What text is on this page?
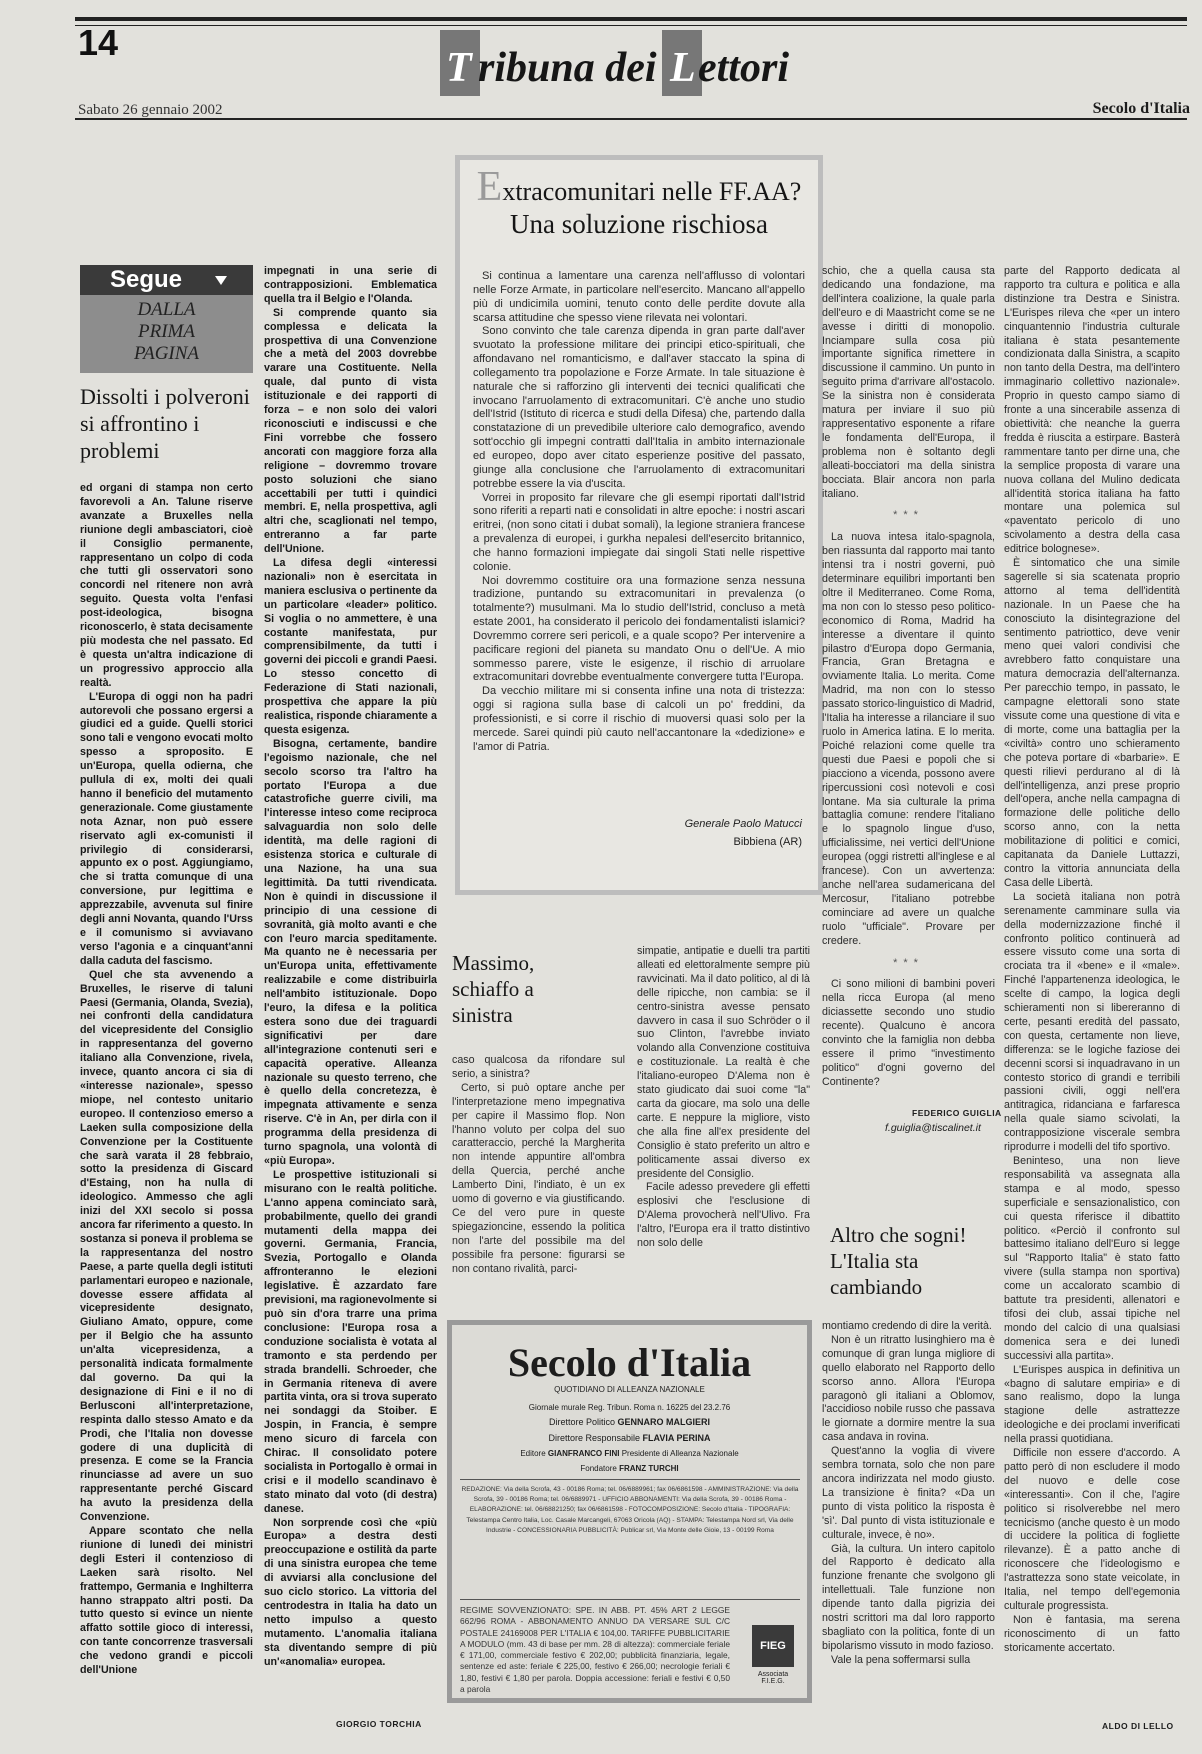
14
T ribuna dei L ettori
Sabato 26 gennaio 2002	Secolo d'Italia
Segue
DALLA
PRIMA
PAGINA
Dissolti i polveroni si affrontino i problemi

ed organi di stampa non certo favorevoli a An. Talune riserve avanzate a Bruxelles nella riunione degli ambasciatori, cioè il Consiglio permanente, rappresentano un colpo di coda che tutti gli osservatori sono concordi nel ritenere non avrà seguito. Questa volta l'enfasi post-ideologica, bisogna riconoscerlo, è stata decisamente più modesta che nel passato. Ed è questa un'altra indicazione di un progressivo approccio alla realtà.

L'Europa di oggi non ha padri autorevoli che possano ergersi a giudici ed a guide. Quelli storici sono tali e vengono evocati molto spesso a sproposito. E un'Europa, quella odierna, che pullula di ex, molti dei quali hanno il beneficio del mutamento generazionale. Come giustamente nota Aznar, non può essere riservato agli ex-comunisti il privilegio di considerarsi, appunto ex o post. Aggiungiamo, che si tratta comunque di una conversione, pur legittima e apprezzabile, avvenuta sul finire degli anni Novanta, quando l'Urss e il comunismo si avviavano verso l'agonia e a cinquant'anni dalla caduta del fascismo.

Quel che sta avvenendo a Bruxelles, le riserve di taluni Paesi (Germania, Olanda, Svezia), nei confronti della candidatura del vicepresidente del Consiglio in rappresentanza del governo italiano alla Convenzione, rivela, invece, quanto ancora ci sia di «interesse nazionale», spesso miope, nel contesto unitario europeo. Il contenzioso emerso a Laeken sulla composizione della Convenzione per la Costituente che sarà varata il 28 febbraio, sotto la presidenza di Giscard d'Estaing, non ha nulla di ideologico. Ammesso che agli inizi del XXI secolo si possa ancora far riferimento a questo. In sostanza si poneva il problema se la rappresentanza del nostro Paese, a parte quella degli istituti parlamentari europeo e nazionale, dovesse essere affidata al vicepresidente designato, Giuliano Amato, oppure, come per il Belgio che ha assunto un'alta vicepresidenza, a personalità indicata formalmente dal governo. Da qui la designazione di Fini e il no di Berlusconi all'interpretazione, respinta dallo stesso Amato e da Prodi, che l'Italia non dovesse godere di una duplicità di presenza. E come se la Francia rinunciasse ad avere un suo rappresentante perché Giscard ha avuto la presidenza della Convenzione.

Appare scontato che nella riunione di lunedì dei ministri degli Esteri il contenzioso di Laeken sarà risolto. Nel frattempo, Germania e Inghilterra hanno strappato altri posti. Da tutto questo si evince un niente affatto sottile gioco di interessi, con tante concorrenze trasversali che vedono grandi e piccoli dell'Unione

impegnati in una serie di contrapposizioni. Emblematica quella tra il Belgio e l'Olanda.

Si comprende quanto sia complessa e delicata la prospettiva di una Convenzione che a metà del 2003 dovrebbe varare una Costituente. Nella quale, dal punto di vista istituzionale e dei rapporti di forza – e non solo dei valori riconosciuti e indiscussi e che Fini vorrebbe che fossero ancorati con maggiore forza alla religione – dovremmo trovare posto soluzioni che siano accettabili per tutti i quindici membri. E, nella prospettiva, agli altri che, scaglionati nel tempo, entreranno a far parte dell'Unione.

La difesa degli «interessi nazionali» non è esercitata in maniera esclusiva o pertinente da un particolare «leader» politico. Si voglia o no ammettere, è una costante manifestata, pur comprensibilmente, da tutti i governi dei piccoli e grandi Paesi. Lo stesso concetto di Federazione di Stati nazionali, prospettiva che appare la più realistica, risponde chiaramente a questa esigenza.

Bisogna, certamente, bandire l'egoismo nazionale, che nel secolo scorso tra l'altro ha portato l'Europa a due catastrofiche guerre civili, ma l'interesse inteso come reciproca salvaguardia non solo delle identità, ma delle ragioni di esistenza storica e culturale di una Nazione, ha una sua legittimità. Da tutti rivendicata. Non è quindi in discussione il principio di una cessione di sovranità, già molto avanti e che con l'euro marcia speditamente. Ma quanto ne è necessaria per un'Europa unita, effettivamente realizzabile e come distribuirla nell'ambito istituzionale. Dopo l'euro, la difesa e la politica estera sono due dei traguardi significativi per dare all'integrazione contenuti seri e capacità operative. Alleanza nazionale su questo terreno, che è quello della concretezza, è impegnata attivamente e senza riserve. C'è in An, per dirla con il programma della presidenza di turno spagnola, una volontà di «più Europa».

Le prospettive istituzionali si misurano con le realtà politiche. L'anno appena cominciato sarà, probabilmente, quello dei grandi mutamenti della mappa dei governi. Germania, Francia, Svezia, Portogallo e Olanda affronteranno le elezioni legislative. È azzardato fare previsioni, ma ragionevolmente si può sin d'ora trarre una prima conclusione: l'Europa rosa a conduzione socialista è votata al tramonto e sta perdendo per strada brandelli. Schroeder, che in Germania riteneva di avere partita vinta, ora si trova superato nei sondaggi da Stoiber. E Jospin, in Francia, è sempre meno sicuro di farcela con Chirac. Il consolidato potere socialista in Portogallo è ormai in crisi e il modello scandinavo è stato minato dal voto (di destra) danese.

Non sorprende così che «più Europa» a destra desti preoccupazione e ostilità da parte di una sinistra europea che teme di avviarsi alla conclusione del suo ciclo storico. La vittoria del centrodestra in Italia ha dato un netto impulso a questo mutamento. L'anomalia italiana sta diventando sempre di più un'«anomalia» europea.

GIORGIO TORCHIA
Extracomunitari nelle FF.AA?
Una soluzione rischiosa

Si continua a lamentare una carenza nell'afflusso di volontari nelle Forze Armate, in particolare nell'esercito. Mancano all'appello più di undicimila uomini, tenuto conto delle perdite dovute alla scarsa attitudine che spesso viene rilevata nei volontari.

Sono convinto che tale carenza dipenda in gran parte dall'aver svuotato la professione militare dei principi etico-spirituali, che affondavano nel romanticismo, e dall'aver staccato la spina di collegamento tra popolazione e Forze Armate. In tale situazione è naturale che si rafforzino gli interventi dei tecnici qualificati che invocano l'arruolamento di extracomunitari. C'è anche uno studio dell'Istrid (Istituto di ricerca e studi della Difesa) che, partendo dalla constatazione di un prevedibile ulteriore calo demografico, avendo sott'occhio gli impegni contratti dall'Italia in ambito internazionale ed europeo, dopo aver citato esperienze positive del passato, giunge alla conclusione che l'arruolamento di extracomunitari potrebbe essere la via d'uscita.

Vorrei in proposito far rilevare che gli esempi riportati dall'Istrid sono riferiti a reparti nati e consolidati in altre epoche: i nostri ascari eritrei, (non sono citati i dubat somali), la legione straniera francese a prevalenza di europei, i gurkha nepalesi dell'esercito britannico, che hanno formazioni impiegate dai singoli Stati nelle rispettive colonie.

Noi dovremmo costituire ora una formazione senza nessuna tradizione, puntando su extracomunitari in prevalenza (o totalmente?) musulmani. Ma lo studio dell'Istrid, concluso a metà estate 2001, ha considerato il pericolo dei fondamentalisti islamici? Dovremmo correre seri pericoli, e a quale scopo? Per intervenire a pacificare regioni del pianeta su mandato Onu o dell'Ue. A mio sommesso parere, viste le esigenze, il rischio di arruolare extracomunitari dovrebbe eventualmente convergere tutta l'Europa.

Da vecchio militare mi si consenta infine una nota di tristezza: oggi si ragiona sulla base di calcoli un po' freddini, da professionisti, e si corre il rischio di muoversi quasi solo per la mercede. Sarei quindi più cauto nell'accantonare la «dedizione» e l'amor di Patria.

Generale Paolo Matucci
Bibbiena (AR)
Massimo, schiaffo a sinistra

caso qualcosa da rifondare sul serio, a sinistra?

Certo, si può optare anche per l'interpretazione meno impegnativa per capire il Massimo flop. Non l'hanno voluto per colpa del suo caratteraccio, perché la Margherita non intende appuntire all'ombra della Quercia, perché anche Lamberto Dini, l'indiato, è un ex uomo di governo e via giustificando. Ce del vero pure in queste spiegazioncine, essendo la politica non l'arte del possibile ma del possibile fra persone: figurarsi se non contano rivalità, parci-

simpatie, antipatie e duelli tra partiti alleati ed elettoralmente sempre più ravvicinati. Ma il dato politico, al di là delle ripicche, non cambia: se il centro-sinistra avesse pensato davvero in casa il suo Schröder o il suo Clinton, l'avrebbe inviato volando alla Convenzione costituiva e costituzionale. La realtà è che l'italiano-europeo D'Alema non è stato giudicato dai suoi come "la" carta da giocare, ma solo una delle carte. E neppure la migliore, visto che alla fine all'ex presidente del Consiglio è stato preferito un altro e politicamente assai diverso ex presidente del Consiglio.

Facile adesso prevedere gli effetti esplosivi che l'esclusione di D'Alema provocherà nell'Ulivo. Fra l'altro, l'Europa era il tratto distintivo non solo delle

Secolo d'Italia
QUOTIDIANO DI ALLEANZA NAZIONALE
Giornale murale Reg. Tribun. Roma n. 16225 del 23.2.76
Direttore Politico GENNARO MALGIERI
Direttore Responsabile FLAVIA PERINA
Editore GIANFRANCO FINI Presidente di Alleanza Nazionale
Fondatore FRANZ TURCHI
REDAZIONE: Via della Scrofa, 43 - 00186 Roma; tel. 06/6889961; fax 06/6861598 - AMMINISTRAZIONE: Via della Scrofa, 39 - 00186 Roma; tel. 06/6889971 - UFFICIO ABBONAMENTI: Via della Scrofa, 39 - 00186 Roma - ELABORAZIONE: tel. 06/68821250; fax 06/6861598 - FOTOCOMPOSIZIONE: Secolo d'Italia - TIPOGRAFIA: Telestampa Centro Italia, Loc. Casale Marcangeli, 67063 Oricola (AQ) - STAMPA: Telestampa Nord srl, Via delle Industrie - CONCESSIONARIA PUBBLICITÀ: Publicar srl, Via Monte delle Gioie, 13 - 00199 Roma
REGIME SOVVENZIONATO: SPE. IN ABB. PT. 45% ART 2 LEGGE 662/96 ROMA - ABBONAMENTO ANNUO DA VERSARE SUL C/C POSTALE 24169008 PER L'ITALIA € 104,00. TARIFFE PUBBLICITARIE A MODULO (mm. 43 di base per mm. 28 di altezza): commerciale feriale € 171,00, commerciale festivo € 202,00; pubblicità finanziaria, legale, sentenze ed aste: feriale € 225,00, festivo € 266,00; necrologie feriali € 1,80, festivi € 1,80 per parola. Doppia accessione: feriali e festivi € 0,50 a parola
FIEG
Associata F.I.E.G.

schio, che a quella causa sta dedicando una fondazione, ma dell'intera coalizione, la quale parla dell'euro e di Maastricht come se ne avesse i diritti di monopolio. Inciampare sulla cosa più importante significa rimettere in discussione il cammino. Un punto in seguito prima d'arrivare all'ostacolo. Se la sinistra non è considerata matura per inviare il suo più rappresentativo esponente a rifare le fondamenta dell'Europa, il problema non è soltanto degli alleati-bocciatori ma della sinistra bocciata. Blair ancora non parla italiano.

***

La nuova intesa italo-spagnola, ben riassunta dal rapporto mai tanto intensi tra i nostri governi, può determinare equilibri importanti ben oltre il Mediterraneo. Come Roma, ma non con lo stesso peso politico-economico di Roma, Madrid ha interesse a diventare il quinto pilastro d'Europa dopo Germania, Francia, Gran Bretagna e ovviamente Italia. Lo merita. Come Madrid, ma non con lo stesso passato storico-linguistico di Madrid, l'Italia ha interesse a rilanciare il suo ruolo in America latina. E lo merita. Poiché relazioni come quelle tra questi due Paesi e popoli che si piacciono a vicenda, possono avere ripercussioni così notevoli e così lontane. Ma sia culturale la prima battaglia comune: rendere l'italiano e lo spagnolo lingue d'uso, ufficialissime, nei vertici dell'Unione europea (oggi ristretti all'inglese e al francese). Con un avvertenza: anche nell'area sudamericana del Mercosur, l'italiano potrebbe cominciare ad avere un qualche ruolo "ufficiale". Provare per credere.

***

Ci sono milioni di bambini poveri nella ricca Europa (al meno diciassette secondo uno studio recente). Qualcuno è ancora convinto che la famiglia non debba essere il primo "investimento politico" d'ogni governo del Continente?

FEDERICO GUIGLIA
f.guiglia@tiscalinet.it
Altro che sogni! L'Italia sta cambiando

montiamo credendo di dire la verità.

Non è un ritratto lusinghiero ma è comunque di gran lunga migliore di quello elaborato nel Rapporto dello scorso anno. Allora l'Europa paragonò gli italiani a Oblomov, l'accidioso nobile russo che passava le giornate a dormire mentre la sua casa andava in rovina.

Quest'anno la voglia di vivere sembra tornata, solo che non pare ancora indirizzata nel modo giusto. La transizione è finita? «Da un punto di vista politico la risposta è 'sì'. Dal punto di vista istituzionale e culturale, invece, è no».

Già, la cultura. Un intero capitolo del Rapporto è dedicato alla funzione frenante che svolgono gli intellettuali. Tale funzione non dipende tanto dalla pigrizia dei nostri scrittori ma dal loro rapporto sbagliato con la politica, fonte di un bipolarismo vissuto in modo fazioso.

Vale la pena soffermarsi sulla

parte del Rapporto dedicata al rapporto tra cultura e politica e alla distinzione tra Destra e Sinistra. L'Eurispes rileva che «per un intero cinquantennio l'industria culturale italiana è stata pesantemente condizionata dalla Sinistra, a scapito non tanto della Destra, ma dell'intero immaginario collettivo nazionale». Proprio in questo campo siamo di fronte a una sincerabile assenza di obiettività: che neanche la guerra fredda è riuscita a estirpare. Basterà rammentare tanto per dirne una, che la semplice proposta di varare una nuova collana del Mulino dedicata all'identità storica italiana ha fatto montare una polemica sul «paventato pericolo di uno scivolamento a destra della casa editrice bolognese».

È sintomatico che una simile sagerelle si sia scatenata proprio attorno al tema dell'identità nazionale. In un Paese che ha conosciuto la disintegrazione del sentimento patriottico, deve venir meno quei valori condivisi che avrebbero fatto conquistare una matura democrazia dell'alternanza. Per parecchio tempo, in passato, le campagne elettorali sono state vissute come una questione di vita e di morte, come una battaglia per la «civiltà» contro uno schieramento che poteva portare di «barbarie». E questi rilievi perdurano al di là dell'intelligenza, anzi prese proprio dell'opera, anche nella campagna di formazione delle politiche dello scorso anno, con la netta mobilitazione di politici e comici, capitanata da Daniele Luttazzi, contro la vittoria annunciata della Casa delle Libertà.

La società italiana non potrà serenamente camminare sulla via della modernizzazione finché il confronto politico continuerà ad essere vissuto come una sorta di crociata tra il «bene» e il «male». Finché l'appartenenza ideologica, le scelte di campo, la logica degli schieramenti non si libereranno di certe, pesanti eredità del passato, con questa, certamente non lieve, differenza: se le logiche faziose dei decenni scorsi si inquadravano in un contesto storico di grandi e terribili passioni civili, oggi nell'era antitragica, ridanciana e farfaresca nella quale siamo scivolati, la contrapposizione viscerale sembra riprodurre i modelli del tifo sportivo.

Beninteso, una non lieve responsabilità va assegnata alla stampa e al modo, spesso superficiale e sensazionalistico, con cui questa riferisce il dibattito politico. «Perciò il confronto sul battesimo italiano dell'Euro si legge sul "Rapporto Italia" è stato fatto vivere (sulla stampa non sportiva) come un accalorato scambio di battute tra presidenti, allenatori e tifosi dei club, assai tipiche nel mondo del calcio di una qualsiasi domenica sera e dei lunedì successivi alla partita».

L'Eurispes auspica in definitiva un «bagno di salutare empiria» e di sano realismo, dopo la lunga stagione delle astrattezze ideologiche e dei proclami inverificati nella prassi quotidiana.

Difficile non essere d'accordo. A patto però di non escludere il modo del nuovo e delle cose «interessanti». Con il che, l'agire politico si risolverebbe nel mero tecnicismo (anche questo è un modo di uccidere la politica di fogliette rilevanze). È a patto anche di riconoscere che l'ideologismo e l'astrattezza sono state veicolate, in Italia, nel tempo dell'egemonia culturale progressista.

Non è fantasia, ma serena riconoscimento di un fatto storicamente accertato.

ALDO DI LELLO
